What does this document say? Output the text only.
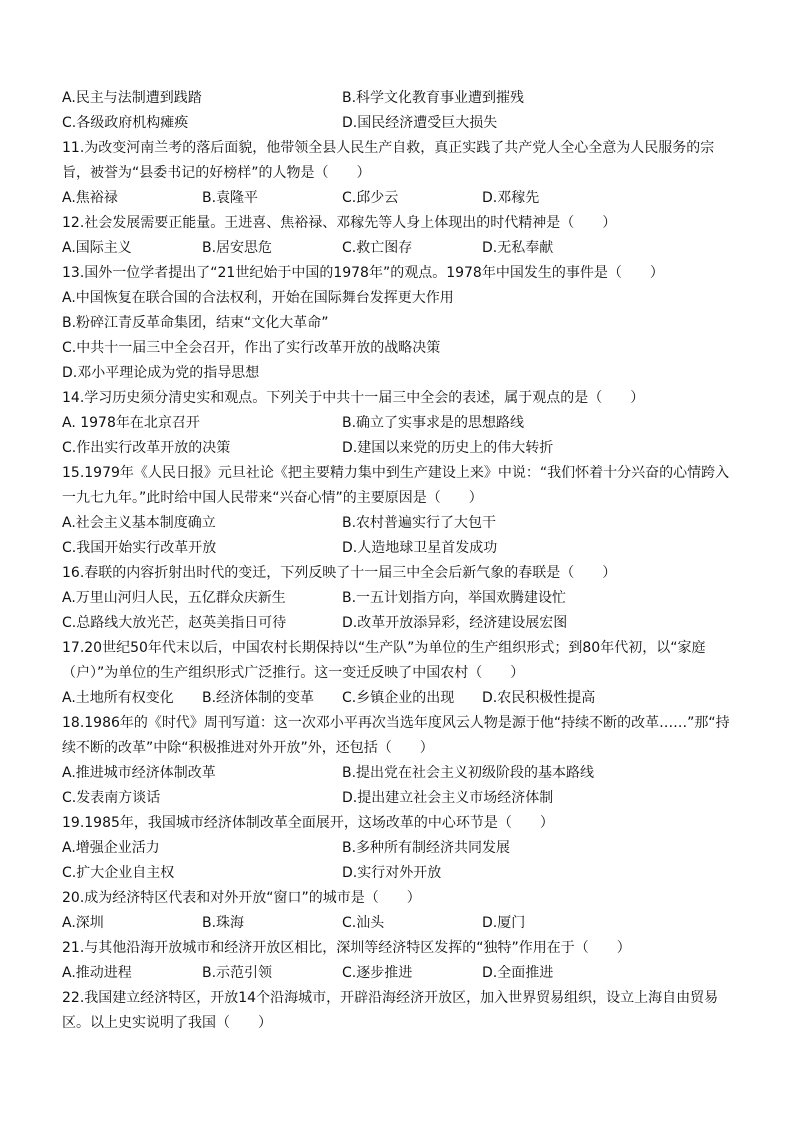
A.民主与法制遭到践踏	B.科学文化教育事业遭到摧残
C.各级政府机构瘫痪	D.国民经济遭受巨大损失
11.为改变河南兰考的落后面貌，他带领全县人民生产自救，真正实践了共产党人全心全意为人民服务的宗旨，被誉为“县委书记的好榜样”的人物是（　　）
A.焦裕禄	B.袁隆平	C.邱少云	D.邓稼先
12.社会发展需要正能量。王进喜、焦裕禄、邓稼先等人身上体现出的时代精神是（　　）
A.国际主义	B.居安思危	C.救亡图存	D.无私奉献
13.国外一位学者提出了“21世纪始于中国的1978年”的观点。1978年中国发生的事件是（　　）
A.中国恢复在联合国的合法权利，开始在国际舞台发挥更大作用
B.粉碎江青反革命集团，结束“文化大革命”
C.中共十一届三中全会召开，作出了实行改革开放的战略决策
D.邓小平理论成为党的指导思想
14.学习历史须分清史实和观点。下列关于中共十一届三中全会的表述，属于观点的是（　　）
A. 1978年在北京召开	B.确立了实事求是的思想路线
C.作出实行改革开放的决策	D.建国以来党的历史上的伟大转折
15.1979年《人民日报》元旦社论《把主要精力集中到生产建设上来》中说：“我们怀着十分兴奋的心情跨入一九七九年。”此时给中国人民带来“兴奋心情”的主要原因是（　　）
A.社会主义基本制度确立	B.农村普遍实行了大包干
C.我国开始实行改革开放	D.人造地球卫星首发成功
16.春联的内容折射出时代的变迁，下列反映了十一届三中全会后新气象的春联是（　　）
A.万里山河归人民，五亿群众庆新生	B.一五计划指方向，举国欢腾建设忙
C.总路线大放光芒，赵英美指日可待	D.改革开放添异彩，经济建设展宏图
17.20世纪50年代末以后，中国农村长期保持以“生产队”为单位的生产组织形式；到80年代初，以“家庭（户）”为单位的生产组织形式广泛推行。这一变迁反映了中国农村（　　）
A.土地所有权变化 B.经济体制的变革 C.乡镇企业的出现 D.农民积极性提高
18.1986年的《时代》周刊写道：这一次邓小平再次当选年度风云人物是源于他“持续不断的改革……”那“持续不断的改革”中除“积极推进对外开放”外，还包括（　　）
A.推进城市经济体制改革	B.提出党在社会主义初级阶段的基本路线
C.发表南方谈话	D.提出建立社会主义市场经济体制
19.1985年，我国城市经济体制改革全面展开，这场改革的中心环节是（　　）
A.增强企业活力	B.多种所有制经济共同发展
C.扩大企业自主权	D.实行对外开放
20.成为经济特区代表和对外开放“窗口”的城市是（　　）
A.深圳	B.珠海	C.汕头	D.厦门
21.与其他沿海开放城市和经济开放区相比，深圳等经济特区发挥的“独特”作用在于（　　）
A.推动进程	B.示范引领	C.逐步推进	D.全面推进
22.我国建立经济特区，开放14个沿海城市，开辟沿海经济开放区，加入世界贸易组织，设立上海自由贸易区。以上史实说明了我国（　　）
